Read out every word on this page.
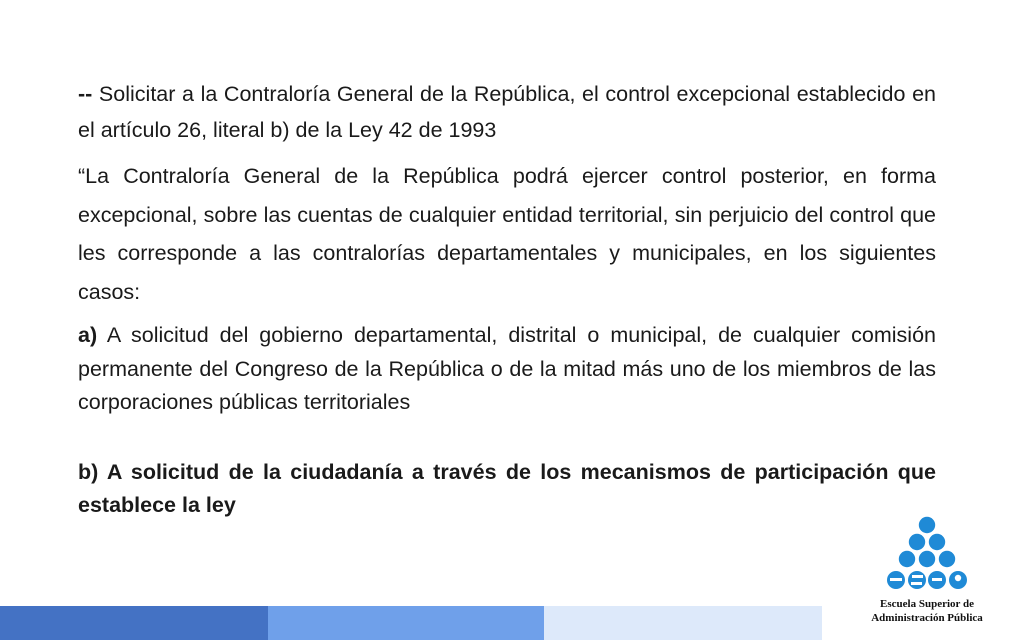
-- Solicitar a la Contraloría General de la República, el control excepcional establecido en el artículo 26, literal b) de la Ley 42 de 1993

“La Contraloría General de la República podrá ejercer control posterior, en forma excepcional, sobre las cuentas de cualquier entidad territorial, sin perjuicio del control que les corresponde a las contralorías departamentales y municipales, en los siguientes casos:

a) A solicitud del gobierno departamental, distrital o municipal, de cualquier comisión permanente del Congreso de la República o de la mitad más uno de los miembros de las corporaciones públicas territoriales

b) A solicitud de la ciudadanía a través de los mecanismos de participación que establece la ley

Escuela Superior de
Administración Pública
